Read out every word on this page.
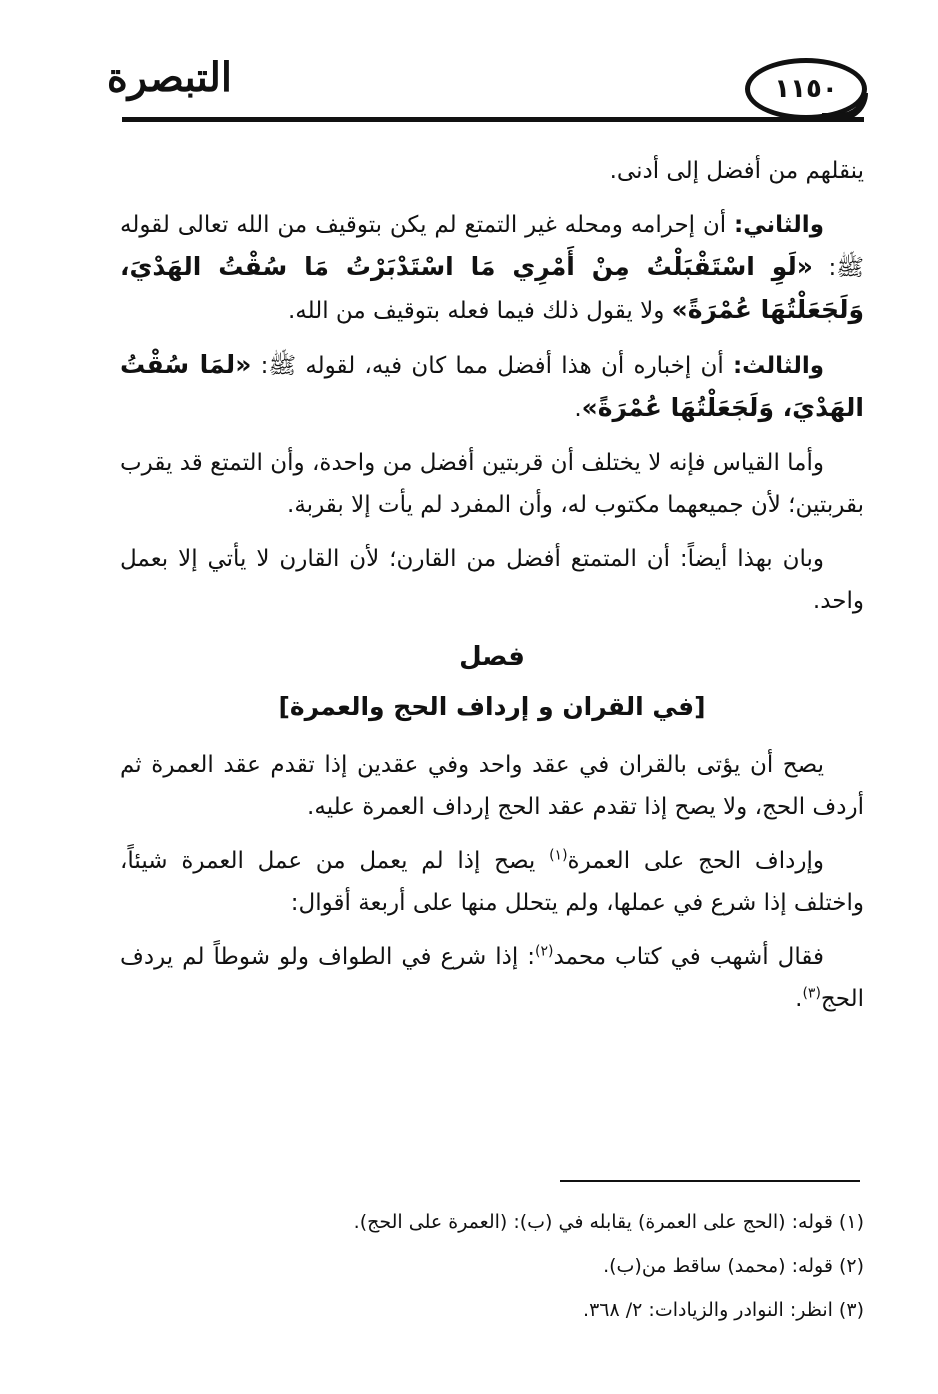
التبصرة	١١٥٠

ينقلهم من أفضل إلى أدنى.

والثاني: أن إحرامه ومحله غير التمتع لم يكن بتوقيف من الله تعالى لقوله ﷺ: «لَوِ اسْتَقْبَلْتُ مِنْ أَمْرِي مَا اسْتَدْبَرْتُ مَا سُقْتُ الهَدْيَ، وَلَجَعَلْتُهَا عُمْرَةً» ولا يقول ذلك فيما فعله بتوقيف من الله.

والثالث: أن إخباره أن هذا أفضل مما كان فيه، لقوله ﷺ: «لمَا سُقْتُ الهَدْيَ، وَلَجَعَلْتُهَا عُمْرَةً».

وأما القياس فإنه لا يختلف أن قربتين أفضل من واحدة، وأن التمتع قد يقرب بقربتين؛ لأن جميعهما مكتوب له، وأن المفرد لم يأت إلا بقربة.

وبان بهذا أيضاً: أن المتمتع أفضل من القارن؛ لأن القارن لا يأتي إلا بعمل واحد.

فصل
[في القران و إرداف الحج والعمرة]

يصح أن يؤتى بالقران في عقد واحد وفي عقدين إذا تقدم عقد العمرة ثم أردف الحج، ولا يصح إذا تقدم عقد الحج إرداف العمرة عليه.

وإرداف الحج على العمرة$^{(١)}$ يصح إذا لم يعمل من عمل العمرة شيئاً، واختلف إذا شرع في عملها، ولم يتحلل منها على أربعة أقوال:

فقال أشهب في كتاب محمد$^{(٢)}$: إذا شرع في الطواف ولو شوطاً لم يردف الحج$^{(٣)}$.

(١) قوله: (الحج على العمرة) يقابله في (ب): (العمرة على الحج).

(٢) قوله: (محمد) ساقط من(ب).

(٣) انظر: النوادر والزيادات: ٢/ ٣٦٨.
